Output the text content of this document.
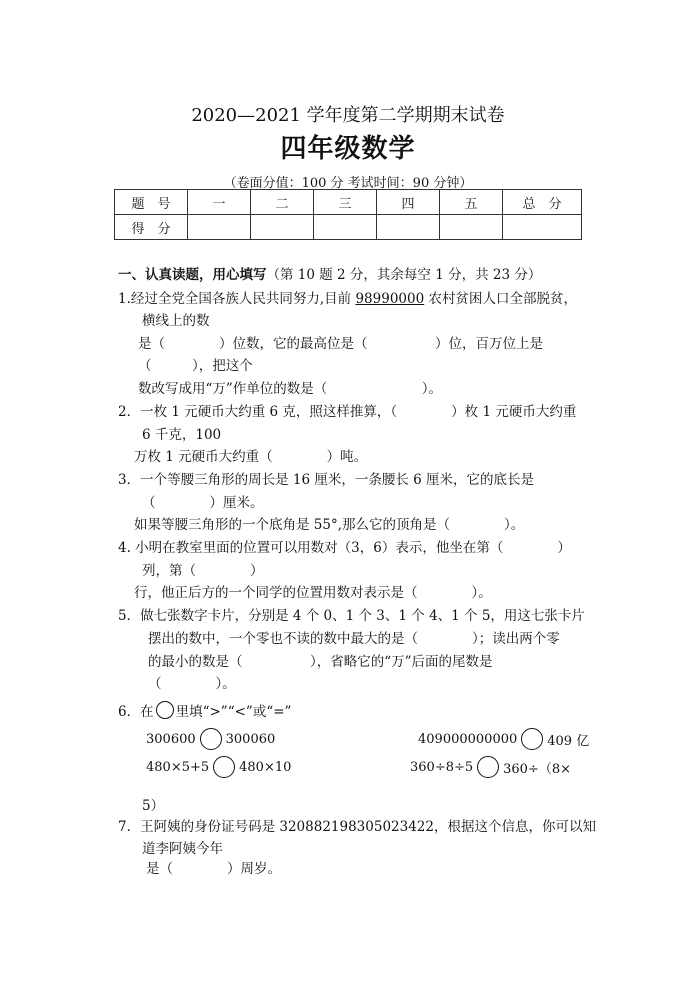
2020—2021 学年度第二学期期末试卷
四年级数学
（卷面分值：100 分 考试时间：90 分钟）
题　号	一	二	三	四	五	总　分
得　分						
一、认真读题，用心填写（第 10 题 2 分，其余每空 1 分，共 23 分）
1.经过全党全国各族人民共同努力,目前 98990000 农村贫困人口全部脱贫，
横线上的数
是（　　　　）位数，它的最高位是（　　　　　）位，百万位上是
（　　　），把这个
数改写成用“万”作单位的数是（　　　　　　　）。
2．一枚 1 元硬币大约重 6 克，照这样推算，（　　　　）枚 1 元硬币大约重
6 千克，100
万枚 1 元硬币大约重（　　　　）吨。
3．一个等腰三角形的周长是 16 厘米，一条腰长 6 厘米，它的底长是
（　　　　）厘米。
如果等腰三角形的一个底角是 55°,那么它的顶角是（　　　　）。
4. 小明在教室里面的位置可以用数对（3，6）表示，他坐在第（　　　　）
列，第（　　　　）
行，他正后方的一个同学的位置用数对表示是（　　　　）。
5．做七张数字卡片，分别是 4 个 0、1 个 3、1 个 4、1 个 5，用这七张卡片
摆出的数中，一个零也不读的数中最大的是（　　　　）；读出两个零
的最小的数是（　　　　　），省略它的“万”后面的尾数是
（　　　　）。
6．在 里填“>”“<”或“=”
300600 300060	409000000000 409 亿
480×5+5 480×10	360÷8÷5 360÷（8×
5）
7．王阿姨的身份证号码是 320882198305023422，根据这个信息，你可以知
道李阿姨今年
是（　　　　）周岁。
